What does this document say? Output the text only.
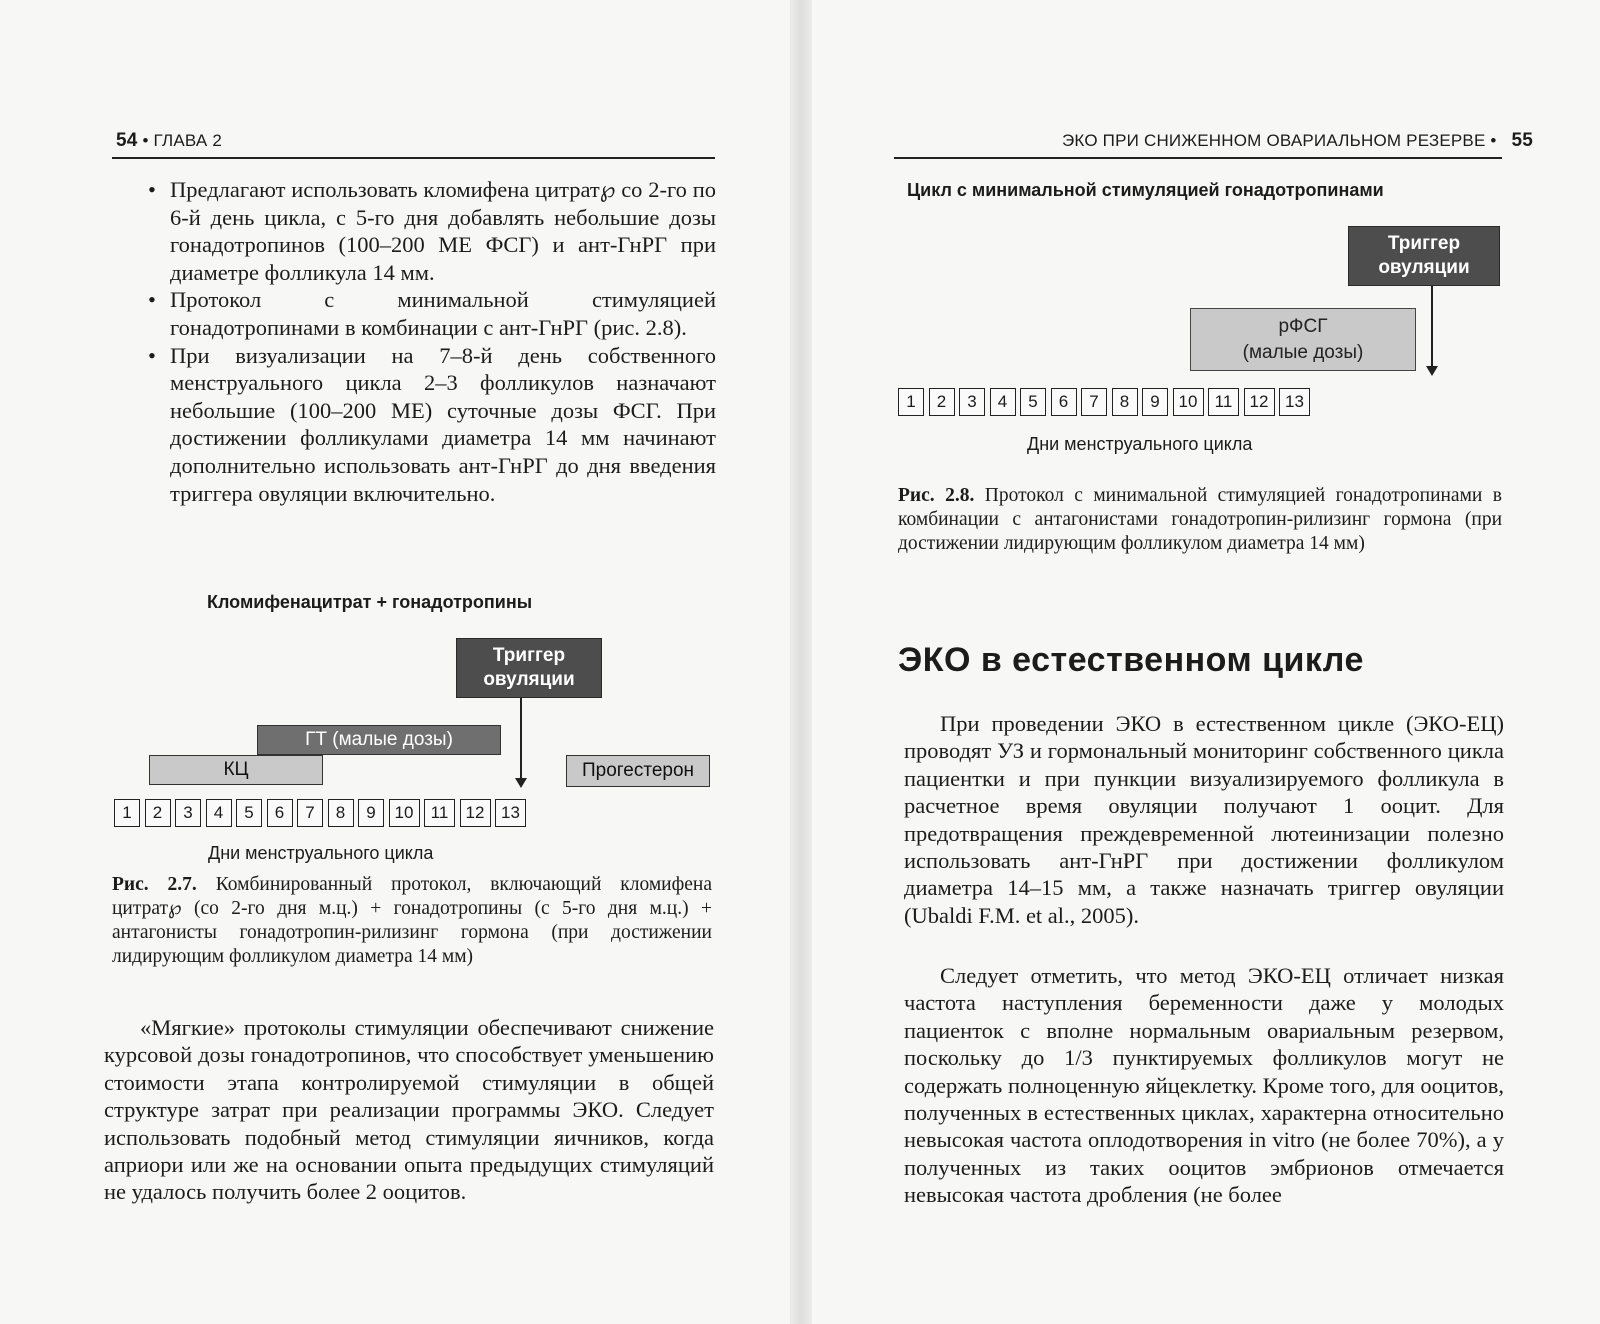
54 • ГЛАВА 2
• Предлагают использовать кломифена цитрат℘ со 2-го по 6-й день цикла, с 5-го дня добавлять небольшие дозы гонадотропинов (100–200 МЕ ФСГ) и ант-ГнРГ при диаметре фолликула 14 мм.
• Протокол с минимальной стимуляцией гонадотропинами в комбинации с ант-ГнРГ (рис. 2.8).
• При визуализации на 7–8-й день собственного менструального цикла 2–3 фолликулов назначают небольшие (100–200 МЕ) суточные дозы ФСГ. При достижении фолликулами диаметра 14 мм начинают дополнительно использовать ант-ГнРГ до дня введения триггера овуляции включительно.
Кломифенацитрат + гонадотропины
Триггер овуляции
ГТ (малые дозы)
КЦ	Прогестерон
1	2	3	4	5	6	7	8	9	10	11	12 13
Дни менструального цикла
Рис. 2.7. Комбинированный протокол, включающий кломифена цитрат℘ (со 2-го дня м.ц.) + гонадотропины (с 5-го дня м.ц.) + антагонисты гонадотропин-рилизинг гормона (при достижении лидирующим фолликулом диаметра 14 мм)

«Мягкие» протоколы стимуляции обеспечивают снижение курсовой дозы гонадотропинов, что способствует уменьшению стоимости этапа контролируемой стимуляции в общей структуре затрат при реализации программы ЭКО. Следует использовать подобный метод стимуляции яичников, когда априори или же на основании опыта предыдущих стимуляций не удалось получить более 2 ооцитов.

ЭКО ПРИ СНИЖЕННОМ ОВАРИАЛЬНОМ РЕЗЕРВЕ • 55
Цикл с минимальной стимуляцией гонадотропинами
Триггер овуляции
рФСГ
(малые дозы)
1	2	3	4	5	6	7	8	9	10	11	12 13
Дни менструального цикла
Рис. 2.8. Протокол с минимальной стимуляцией гонадотропинами в комбинации с антагонистами гонадотропин-рилизинг гормона (при достижении лидирующим фолликулом диаметра 14 мм)
ЭКО в естественном цикле

При проведении ЭКО в естественном цикле (ЭКО-ЕЦ) проводят УЗ и гормональный мониторинг собственного цикла пациентки и при пункции визуализируемого фолликула в расчетное время овуляции получают 1 ооцит. Для предотвращения преждевременной лютеинизации полезно использовать ант-ГнРГ при достижении фолликулом диаметра 14–15 мм, а также назначать триггер овуляции (Ubaldi F.M. et al., 2005).

Следует отметить, что метод ЭКО-ЕЦ отличает низкая частота наступления беременности даже у молодых пациенток с вполне нормальным овариальным резервом, поскольку до 1/3 пунктируемых фолликулов могут не содержать полноценную яйцеклетку. Кроме того, для ооцитов, полученных в естественных циклах, характерна относительно невысокая частота оплодотворения in vitro (не более 70%), а у полученных из таких ооцитов эмбрионов отмечается невысокая частота дробления (не более
